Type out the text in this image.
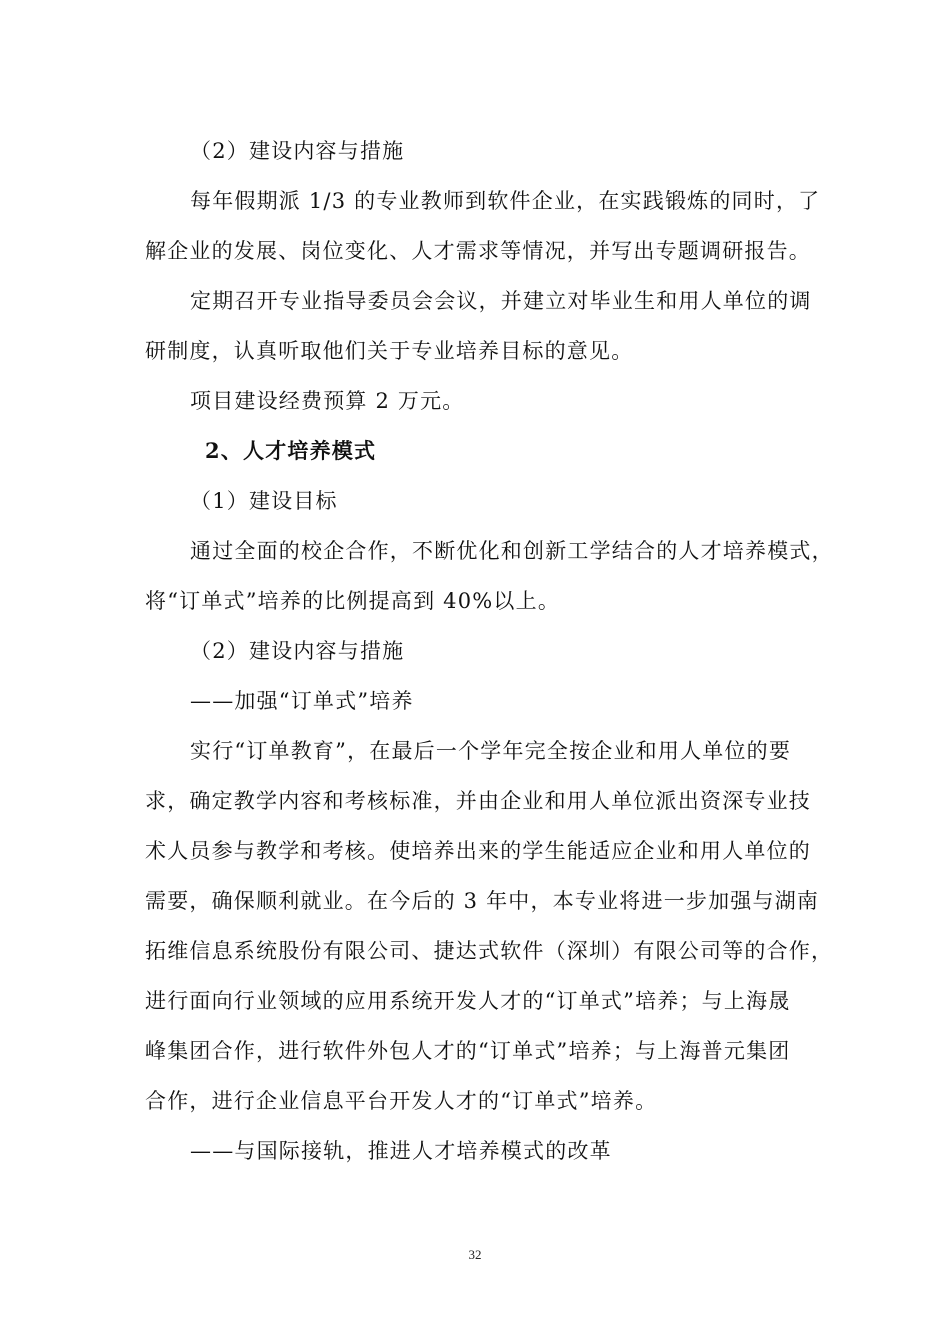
（2）建设内容与措施
每年假期派 1/3 的专业教师到软件企业，在实践锻炼的同时，了
解企业的发展、岗位变化、人才需求等情况，并写出专题调研报告。
定期召开专业指导委员会会议，并建立对毕业生和用人单位的调
研制度，认真听取他们关于专业培养目标的意见。
项目建设经费预算 2 万元。
2、人才培养模式
（1）建设目标
通过全面的校企合作，不断优化和创新工学结合的人才培养模式，
将“订单式”培养的比例提高到 40%以上。
（2）建设内容与措施
——加强“订单式”培养
实行“订单教育”，在最后一个学年完全按企业和用人单位的要
求，确定教学内容和考核标准，并由企业和用人单位派出资深专业技
术人员参与教学和考核。使培养出来的学生能适应企业和用人单位的
需要，确保顺利就业。在今后的 3 年中，本专业将进一步加强与湖南
拓维信息系统股份有限公司、捷达式软件（深圳）有限公司等的合作，
进行面向行业领域的应用系统开发人才的“订单式”培养；与上海晟
峰集团合作，进行软件外包人才的“订单式”培养；与上海普元集团
合作，进行企业信息平台开发人才的“订单式”培养。
——与国际接轨，推进人才培养模式的改革
32
